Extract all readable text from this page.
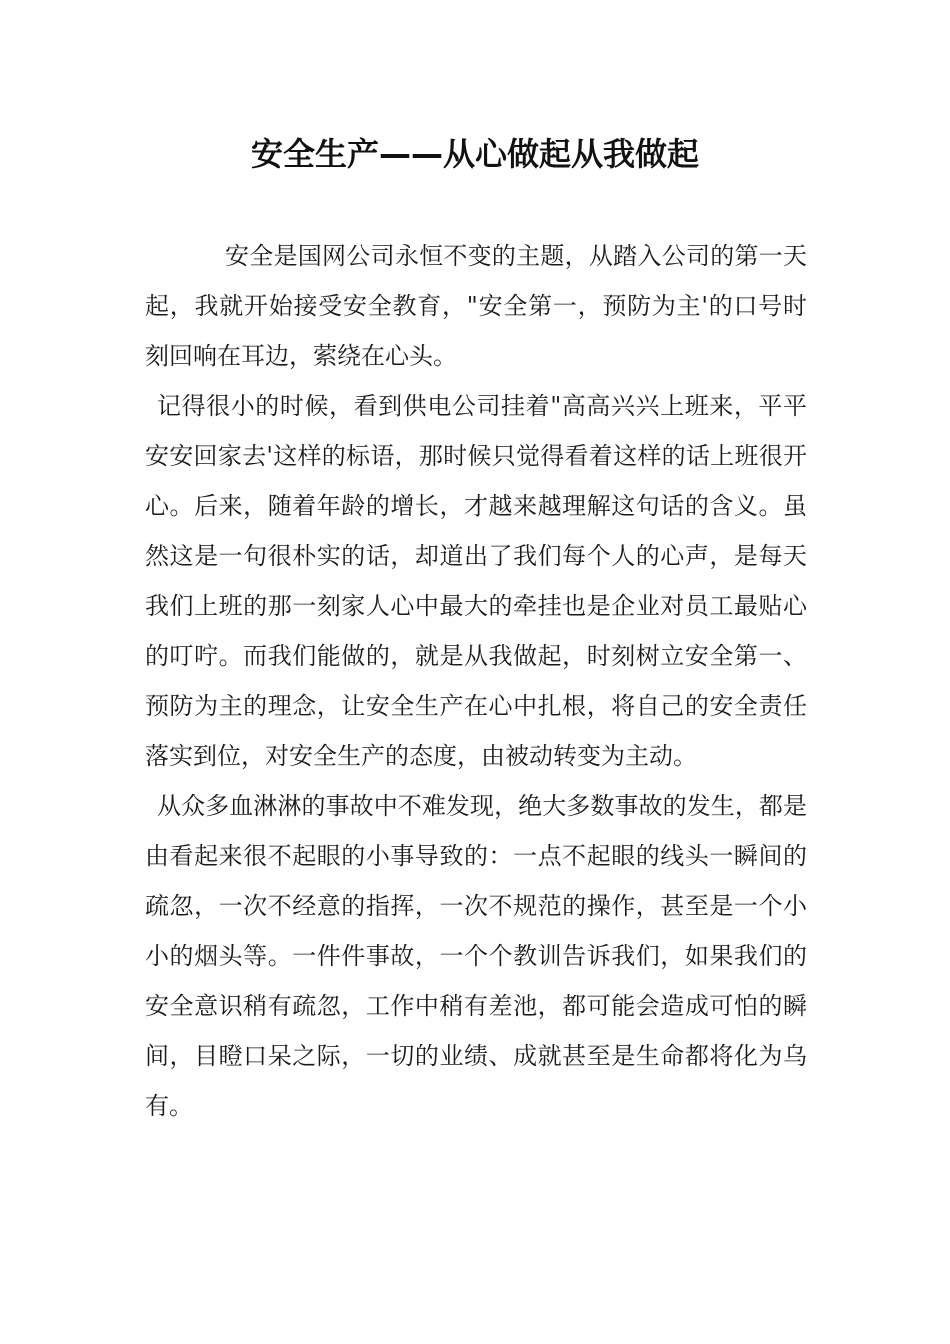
安全生产——从心做起从我做起

安全是国网公司永恒不变的主题，从踏入公司的第一天起，我就开始接受安全教育，"安全第一，预防为主'的口号时刻回响在耳边，萦绕在心头。

记得很小的时候，看到供电公司挂着"高高兴兴上班来，平平安安回家去'这样的标语，那时候只觉得看着这样的话上班很开心。后来，随着年龄的增长，才越来越理解这句话的含义。虽然这是一句很朴实的话，却道出了我们每个人的心声，是每天我们上班的那一刻家人心中最大的牵挂也是企业对员工最贴心的叮咛。而我们能做的，就是从我做起，时刻树立安全第一、预防为主的理念，让安全生产在心中扎根，将自己的安全责任落实到位，对安全生产的态度，由被动转变为主动。

从众多血淋淋的事故中不难发现，绝大多数事故的发生，都是由看起来很不起眼的小事导致的：一点不起眼的线头一瞬间的疏忽，一次不经意的指挥，一次不规范的操作，甚至是一个小小的烟头等。一件件事故，一个个教训告诉我们，如果我们的安全意识稍有疏忽，工作中稍有差池，都可能会造成可怕的瞬间，目瞪口呆之际，一切的业绩、成就甚至是生命都将化为乌有。
